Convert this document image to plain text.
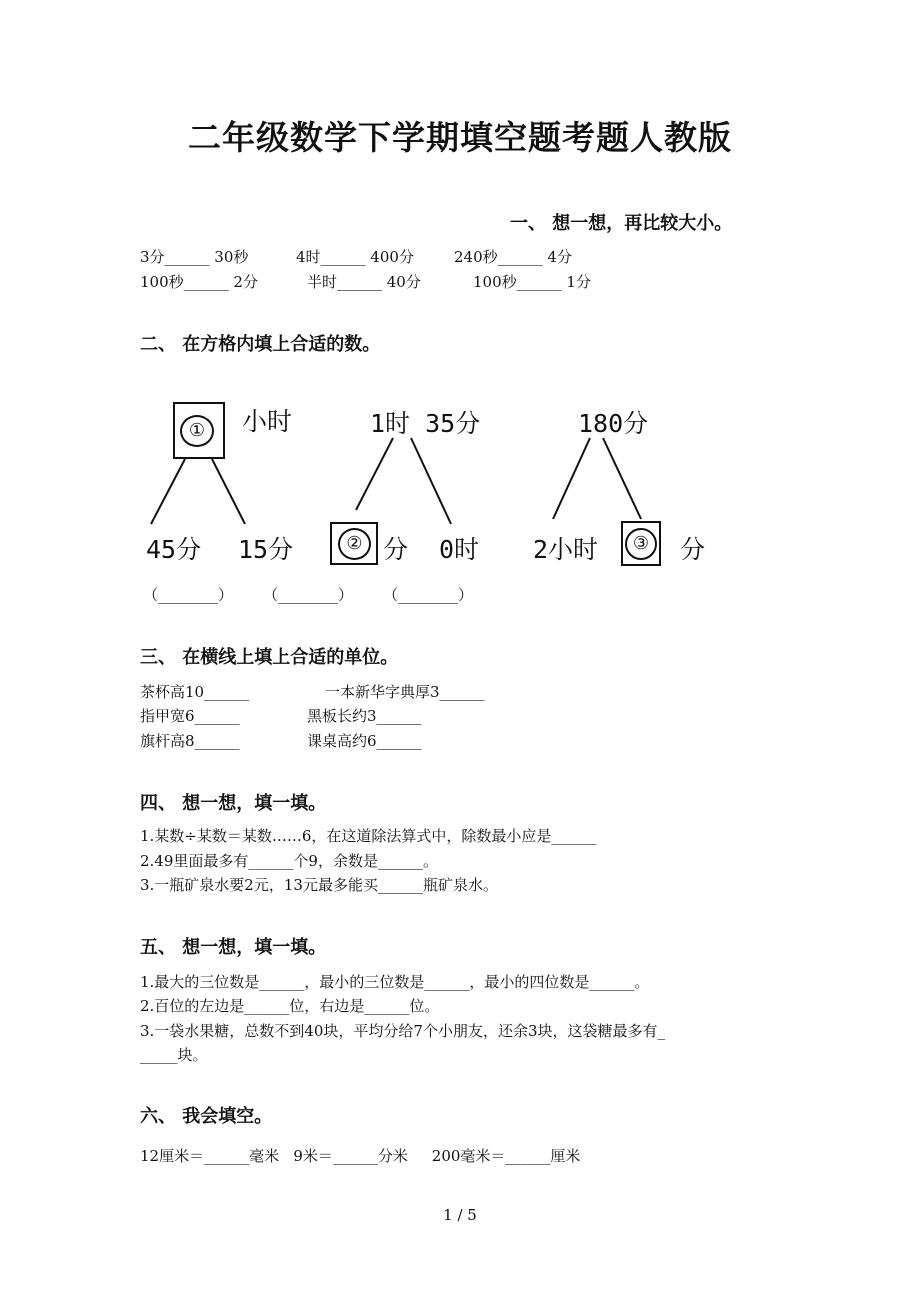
二年级数学下学期填空题考题人教版
一、 想一想，再比较大小。
3分______ 30秒	4时______ 400分	240秒______ 4分
100秒______ 2分	半时______ 40分	100秒______ 1分
二、 在方格内填上合适的数。
①	小时
45分 15分
1时 35分
② 分 0时
180分
2小时	③	分
（________） （________） （________）
三、 在横线上填上合适的单位。
茶杯高10______	一本新华字典厚3______
指甲宽6______	黑板长约3______
旗杆高8______	课桌高约6______
四、 想一想，填一填。
1.某数÷某数＝某数……6，在这道除法算式中，除数最小应是______
2.49里面最多有______个9，余数是______。
3.一瓶矿泉水要2元，13元最多能买______瓶矿泉水。
五、 想一想，填一填。
1.最大的三位数是______，最小的三位数是______，最小的四位数是______。
2.百位的左边是______位，右边是______位。
3.一袋水果糖，总数不到40块，平均分给7个小朋友，还余3块，这袋糖最多有_
_____块。
六、 我会填空。
12厘米＝______毫米   9米＝______分米     200毫米＝______厘米
1 / 5
